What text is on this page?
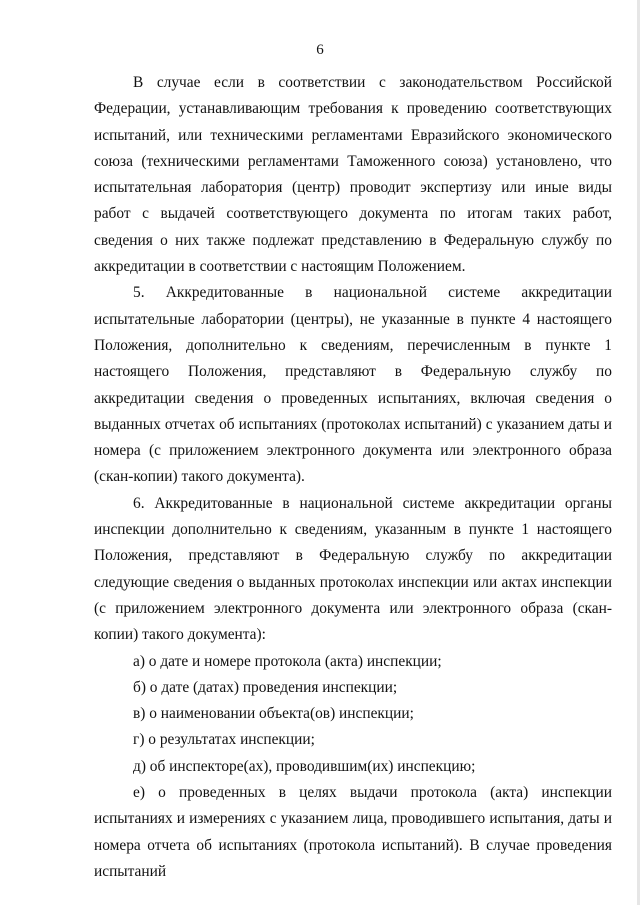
6

В случае если в соответствии с законодательством Российской Федерации, устанавливающим требования к проведению соответствующих испытаний, или техническими регламентами Евразийского экономического союза (техническими регламентами Таможенного союза) установлено, что испытательная лаборатория (центр) проводит экспертизу или иные виды работ с выдачей соответствующего документа по итогам таких работ, сведения о них также подлежат представлению в Федеральную службу по аккредитации в соответствии с настоящим Положением.

5. Аккредитованные в национальной системе аккредитации испытательные лаборатории (центры), не указанные в пункте 4 настоящего Положения, дополнительно к сведениям, перечисленным в пункте 1 настоящего Положения, представляют в Федеральную службу по аккредитации сведения о проведенных испытаниях, включая сведения о выданных отчетах об испытаниях (протоколах испытаний) с указанием даты и номера (с приложением электронного документа или электронного образа (скан-копии) такого документа).

6. Аккредитованные в национальной системе аккредитации органы инспекции дополнительно к сведениям, указанным в пункте 1 настоящего Положения, представляют в Федеральную службу по аккредитации следующие сведения о выданных протоколах инспекции или актах инспекции (с приложением электронного документа или электронного образа (скан-копии) такого документа):

а) о дате и номере протокола (акта) инспекции;

б) о дате (датах) проведения инспекции;

в) о наименовании объекта(ов) инспекции;

г) о результатах инспекции;

д) об инспекторе(ах), проводившим(их) инспекцию;

е) о проведенных в целях выдачи протокола (акта) инспекции испытаниях и измерениях с указанием лица, проводившего испытания, даты и номера отчета об испытаниях (протокола испытаний). В случае проведения испытаний
